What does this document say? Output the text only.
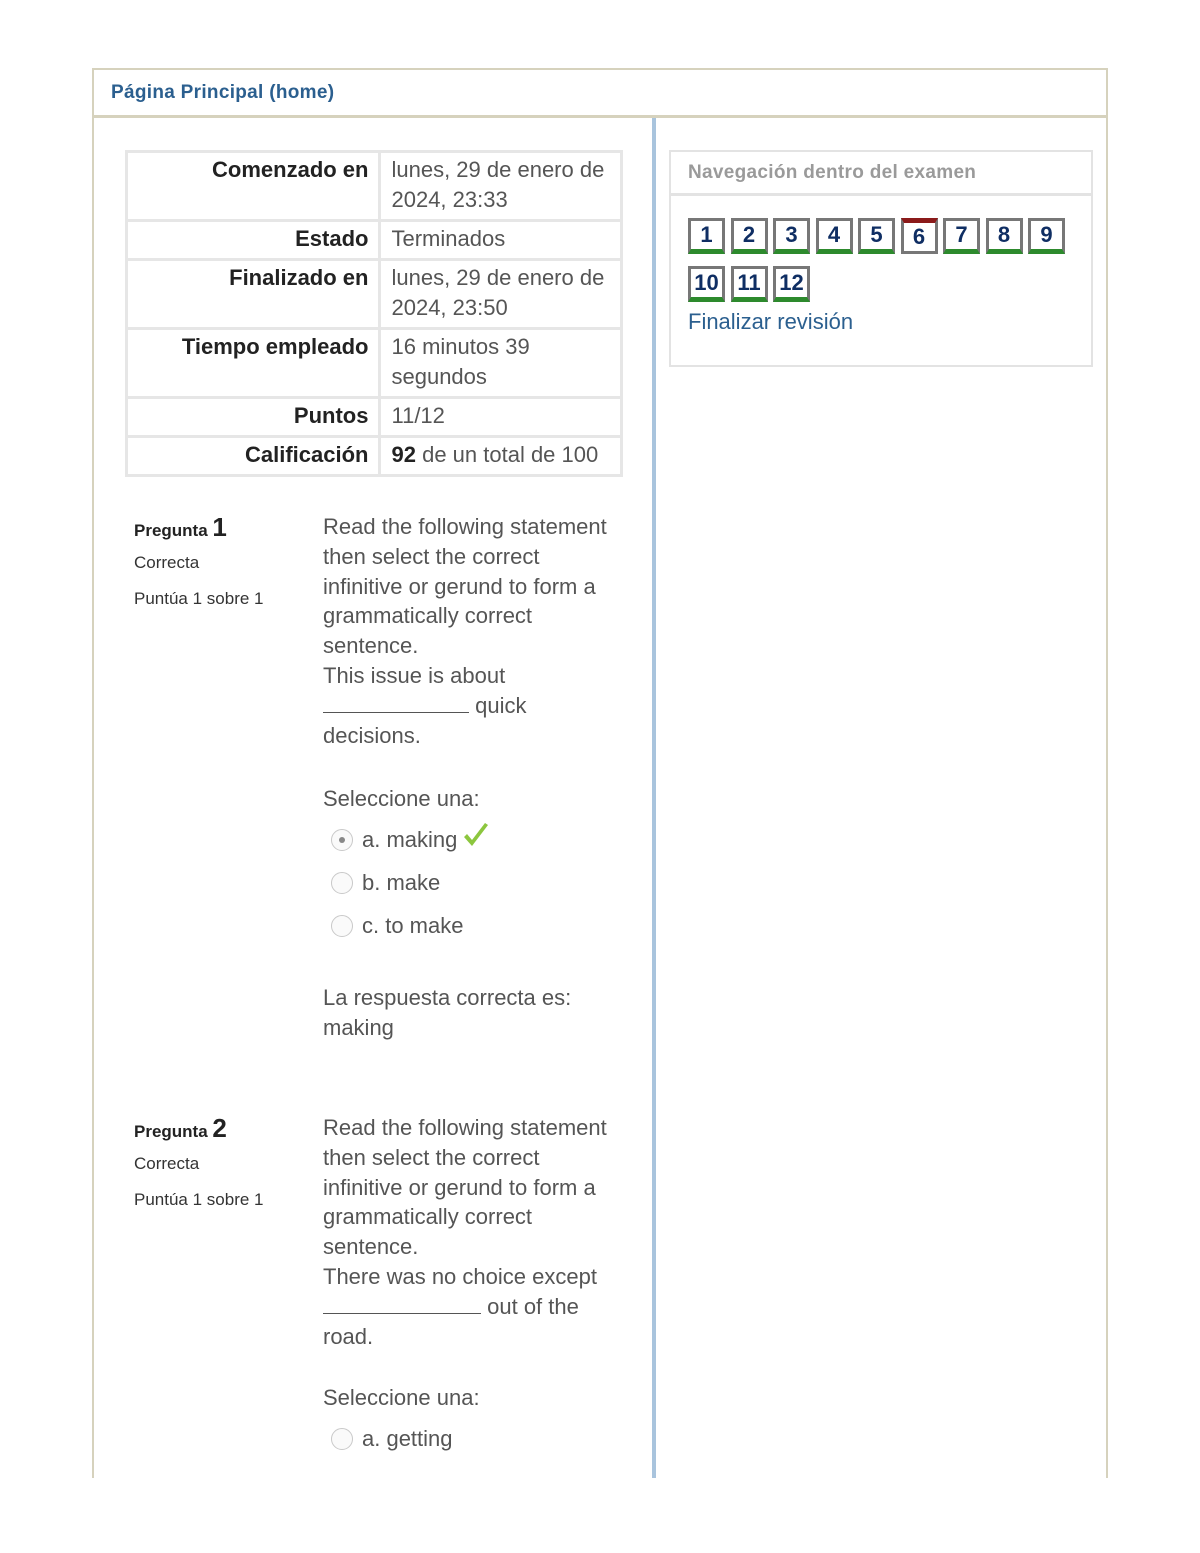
Página Principal (home)
Comenzado en	lunes, 29 de enero de 2024, 23:33
Estado	Terminados
Finalizado en	lunes, 29 de enero de 2024, 23:50
Tiempo empleado	16 minutos 39 segundos
Puntos	11/12
Calificación	92 de un total de 100
Pregunta 1
Correcta
Puntúa 1 sobre 1
Read the following statement then select the correct infinitive or gerund to form a grammatically correct sentence.
This issue is about  quick decisions.
Seleccione una:
a. making
b. make
c. to make
La respuesta correcta es: making
Pregunta 2
Correcta
Puntúa 1 sobre 1
Read the following statement then select the correct infinitive or gerund to form a grammatically correct sentence.
There was no choice except  out of the road.
Seleccione una:
a. getting
Navegación dentro del examen
1	2	3	4	5	6	7	8	9
10 11 12
Finalizar revisión
